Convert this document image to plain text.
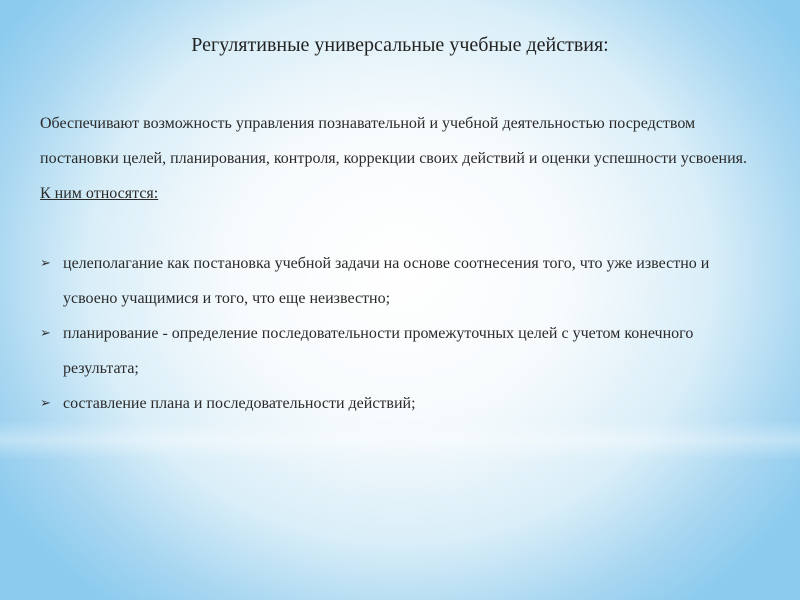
Регулятивные универсальные учебные действия:

Обеспечивают возможность управления познавательной и учебной деятельностью посредством постановки целей, планирования, контроля, коррекции своих действий и оценки успешности усвоения. К ним относятся:

➢ целеполагание как постановка учебной задачи на основе соотнесения того, что уже известно и усвоено учащимися и того, что еще неизвестно;
➢ планирование - определение последовательности промежуточных целей с учетом конечного результата;
➢ составление плана и последовательности действий;
